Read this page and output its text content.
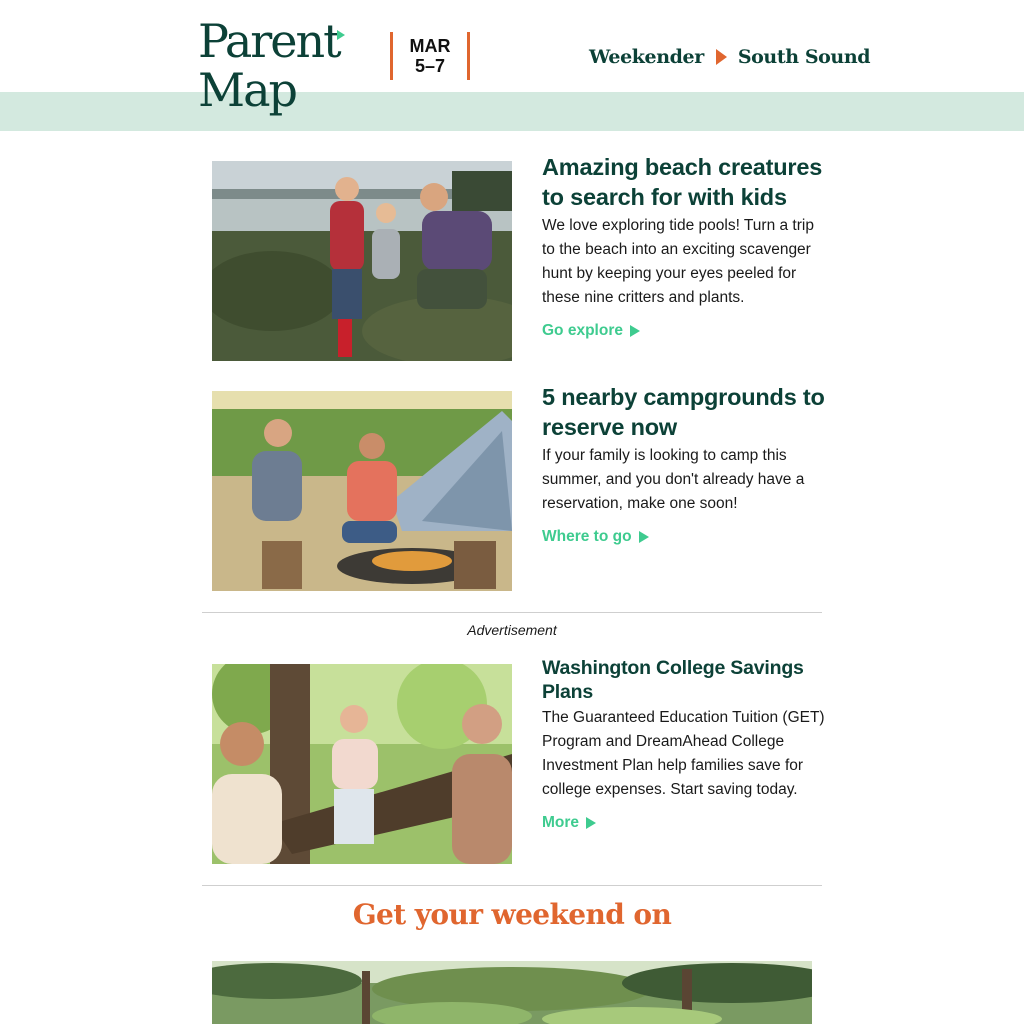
Parent
Map
MAR
5–7	Weekender South Sound
Amazing beach creatures to search for with kids
We love exploring tide pools! Turn a trip to the beach into an exciting scavenger hunt by keeping your eyes peeled for these nine critters and plants.
Go explore
5 nearby campgrounds to reserve now
If your family is looking to camp this summer, and you don't already have a reservation, make one soon!
Where to go
Advertisement
Washington College Savings Plans
The Guaranteed Education Tuition (GET) Program and DreamAhead College Investment Plan help families save for college expenses. Start saving today.
More
Get your weekend on
